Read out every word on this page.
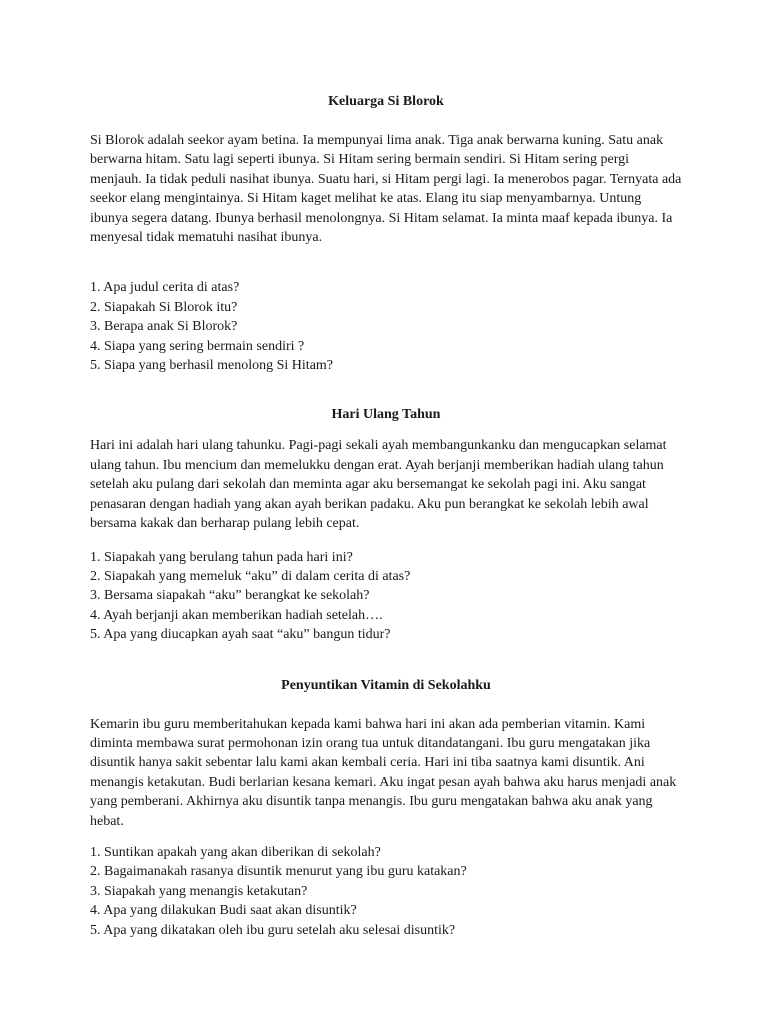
Keluarga Si Blorok

Si Blorok adalah seekor ayam betina. Ia mempunyai lima anak. Tiga anak berwarna kuning. Satu anak berwarna hitam. Satu lagi seperti ibunya. Si Hitam sering bermain sendiri. Si Hitam sering pergi menjauh. Ia tidak peduli nasihat ibunya. Suatu hari, si Hitam pergi lagi. Ia menerobos pagar. Ternyata ada seekor elang mengintainya. Si Hitam kaget melihat ke atas. Elang itu siap menyambarnya. Untung ibunya segera datang. Ibunya berhasil menolongnya. Si Hitam selamat. Ia minta maaf kepada ibunya. Ia menyesal tidak mematuhi nasihat ibunya.

1. Apa judul cerita di atas?
2. Siapakah Si Blorok itu?
3. Berapa anak Si Blorok?
4. Siapa yang sering bermain sendiri ?
5. Siapa yang berhasil menolong Si Hitam?
Hari Ulang Tahun

Hari ini adalah hari ulang tahunku. Pagi-pagi sekali ayah membangunkanku dan mengucapkan selamat ulang tahun. Ibu mencium dan memelukku dengan erat. Ayah berjanji memberikan hadiah ulang tahun setelah aku pulang dari sekolah dan meminta agar aku bersemangat ke sekolah pagi ini. Aku sangat penasaran dengan hadiah yang akan ayah berikan padaku. Aku pun berangkat ke sekolah lebih awal bersama kakak dan berharap pulang lebih cepat.

1. Siapakah yang berulang tahun pada hari ini?
2. Siapakah yang memeluk “aku” di dalam cerita di atas?
3. Bersama siapakah “aku” berangkat ke sekolah?
4. Ayah berjanji akan memberikan hadiah setelah….
5. Apa yang diucapkan ayah saat “aku” bangun tidur?
Penyuntikan Vitamin di Sekolahku

Kemarin ibu guru memberitahukan kepada kami bahwa hari ini akan ada pemberian vitamin. Kami diminta membawa surat permohonan izin orang tua untuk ditandatangani. Ibu guru mengatakan jika disuntik hanya sakit sebentar lalu kami akan kembali ceria. Hari ini tiba saatnya kami disuntik. Ani menangis ketakutan. Budi berlarian kesana kemari. Aku ingat pesan ayah bahwa aku harus menjadi anak yang pemberani. Akhirnya aku disuntik tanpa menangis. Ibu guru mengatakan bahwa aku anak yang hebat.

1. Suntikan apakah yang akan diberikan di sekolah?
2. Bagaimanakah rasanya disuntik menurut yang ibu guru katakan?
3. Siapakah yang menangis ketakutan?
4. Apa yang dilakukan Budi saat akan disuntik?
5. Apa yang dikatakan oleh ibu guru setelah aku selesai disuntik?
